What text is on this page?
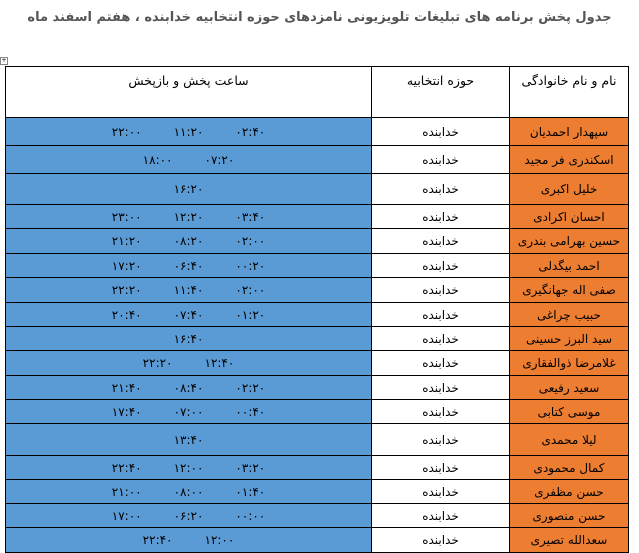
جدول پخش برنامه های تبلیغات تلویزیونی نامزدهای حوزه انتخابیه خدابنده ، هفتم اسفند ماه
+
نام و نام خانوادگی	حوزه انتخابیه	ساعت پخش و بازپخش
سپهدار احمدیان	خدابنده	۰۲:۴۰
۱۱:۲۰
۲۲:۰۰

اسکندری فر مجید	خدابنده	۰۷:۲۰
۱۸:۰۰

خلیل اکبری	خدابنده	۱۶:۲۰

احسان اکرادی	خدابنده	۰۳:۴۰
۱۲:۲۰
۲۳:۰۰

حسین بهرامی بندری	خدابنده	۰۲:۰۰
۰۸:۲۰
۲۱:۲۰

احمد بیگدلی	خدابنده	۰۰:۲۰
۰۶:۴۰
۱۷:۲۰

صفی اله جهانگیری	خدابنده	۰۲:۰۰
۱۱:۴۰
۲۲:۲۰

حبیب چراغی	خدابنده	۰۱:۲۰
۰۷:۴۰
۲۰:۴۰

سید البرز حسینی	خدابنده	۱۶:۴۰

غلامرضا ذوالفقاری	خدابنده	۱۲:۴۰
۲۲:۲۰

سعید رفیعی	خدابنده	۰۲:۲۰
۰۸:۴۰
۲۱:۴۰

موسی کتابی	خدابنده	۰۰:۴۰
۰۷:۰۰
۱۷:۴۰

لیلا محمدی	خدابنده	۱۳:۴۰

کمال محمودی	خدابنده	۰۳:۲۰
۱۲:۰۰
۲۲:۴۰

حسن مظفری	خدابنده	۰۱:۴۰
۰۸:۰۰
۲۱:۰۰

حسن منصوری	خدابنده	۰۰:۰۰
۰۶:۲۰
۱۷:۰۰

سعدالله تصیری	خدابنده	۱۲:۰۰
۲۲:۴۰
